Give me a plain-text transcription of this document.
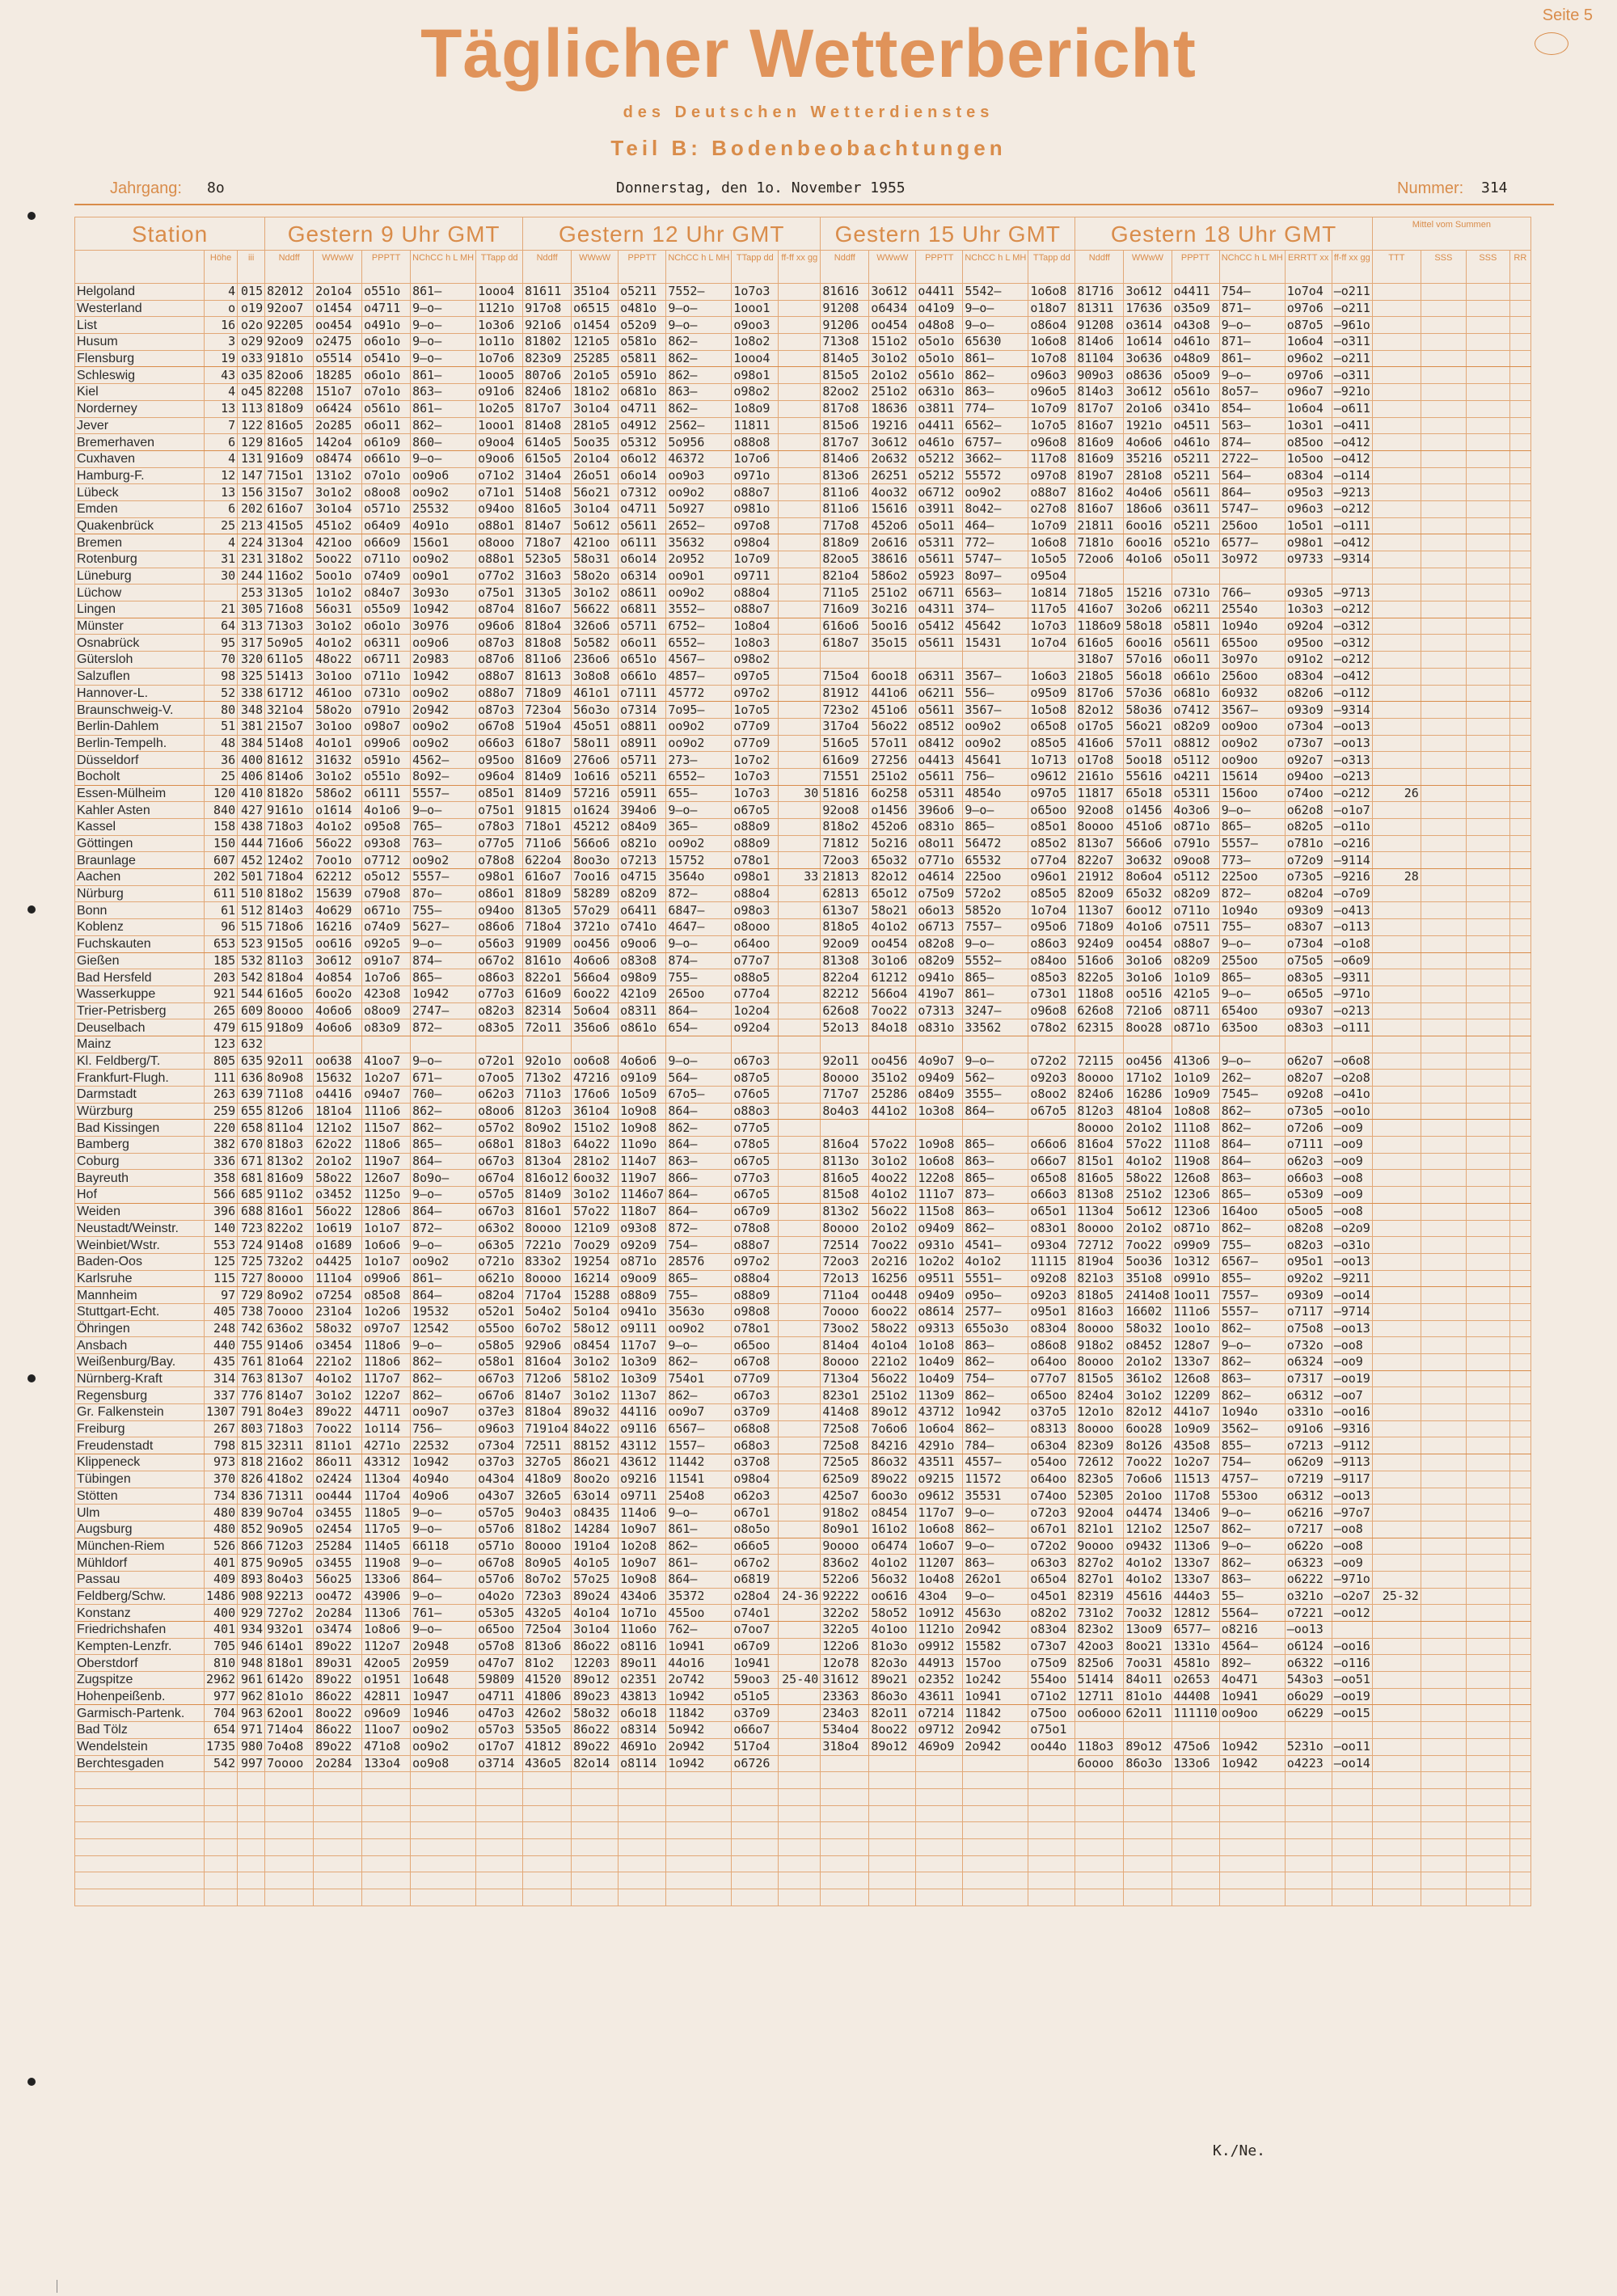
Seite 5
Täglicher Wetterbericht
des Deutschen Wetterdienstes
Teil B: Bodenbeobachtungen
Jahrgang: 8o	Donnerstag, den 1o. November 1955	Nummer: 314
Station			Gestern 9 Uhr GMT					Gestern 12 Uhr GMT						Gestern 15 Uhr GMT					Gestern 18 Uhr GMT						Mittel vom Summen			
	Höhe	iii	Nddff	WWwW	PPPTT	NChCC h L MH	TTapp dd	Nddff	WWwW	PPPTT	NChCC h L MH	TTapp dd	ff-ff xx gg	Nddff	WWwW	PPPTT	NChCC h L MH	TTapp dd	Nddff	WWwW	PPPTT	NChCC h L MH	ERRTT xx	ff-ff xx gg	TTT	SSS	SSS	RR
Helgoland	4	015	82012	2o1o4	o551o	861—	1ooo4	81611	351o4	o5211	7552—	1o7o3		81616	3o612	o4411	5542—	1o6o8	81716	3o612	o4411	754—	1o7o4	—o211				
Westerland	o	o19	92oo7	o1454	o4711	9—o—	1121o	917o8	o6515	o481o	9—o—	1ooo1		91208	o6434	o41o9	9—o—	o18o7	81311	17636	o35o9	871—	o97o6	—o211				
List	16	o2o	92205	oo454	o491o	9—o—	1o3o6	921o6	o1454	o52o9	9—o—	o9oo3		91206	oo454	o48o8	9—o—	o86o4	91208	o3614	o43o8	9—o—	o87o5	—961o				
Husum	3	o29	92oo9	o2475	o6o1o	9—o—	1o11o	81802	121o5	o581o	862—	1o8o2		713o8	151o2	o5o1o	65630	1o6o8	814o6	1o614	o461o	871—	1o6o4	—o311				
Flensburg	19	o33	9181o	o5514	o541o	9—o—	1o7o6	823o9	25285	o5811	862—	1ooo4		814o5	3o1o2	o5o1o	861—	1o7o8	81104	3o636	o48o9	861—	o96o2	—o211				
Schleswig	43	o35	82oo6	18285	o6o1o	861—	1ooo5	807o6	2o1o5	o591o	862—	o98o1		815o5	2o1o2	o561o	862—	o96o3	909o3	o8636	o5oo9	9—o—	o97o6	—o311				
Kiel	4	o45	82208	151o7	o7o1o	863—	o91o6	824o6	181o2	o681o	863—	o98o2		82oo2	251o2	o631o	863—	o96o5	814o3	3o612	o561o	8o57—	o96o7	—921o				
Norderney	13	113	818o9	o6424	o561o	861—	1o2o5	817o7	3o1o4	o4711	862—	1o8o9		817o8	18636	o3811	774—	1o7o9	817o7	2o1o6	o341o	854—	1o6o4	—o611				
Jever	7	122	816o5	2o285	o6o11	862—	1ooo1	814o8	281o5	o4912	2562—	11811		815o6	19216	o4411	6562—	1o7o5	816o7	1921o	o4511	563—	1o3o1	—o411				
Bremerhaven	6	129	816o5	142o4	o61o9	860—	o9oo4	614o5	5oo35	o5312	5o956	o88o8		817o7	3o612	o461o	6757—	o96o8	816o9	4o6o6	o461o	874—	o85oo	—o412				
Cuxhaven	4	131	916o9	o8474	o661o	9—o—	o9oo6	615o5	2o1o4	o6o12	46372	1o7o6		814o6	2o632	o5212	3662—	117o8	816o9	35216	o5211	2722—	1o5oo	—o412				
Hamburg-F.	12	147	715o1	131o2	o7o1o	oo9o6	o71o2	314o4	26o51	o6o14	oo9o3	o971o		813o6	26251	o5212	55572	o97o8	819o7	281o8	o5211	564—	o83o4	—o114				
Lübeck	13	156	315o7	3o1o2	o8oo8	oo9o2	o71o1	514o8	56o21	o7312	oo9o2	o88o7		811o6	4oo32	o6712	oo9o2	o88o7	816o2	4o4o6	o5611	864—	o95o3	—9213				
Emden	6	202	616o7	3o1o4	o571o	25532	o94oo	816o5	3o1o4	o4711	5o927	o981o		811o6	15616	o3911	8o42—	o27o8	816o7	186o6	o3611	5747—	o96o3	—o212				
Quakenbrück	25	213	415o5	451o2	o64o9	4o91o	o88o1	814o7	5o612	o5611	2652—	o97o8		717o8	452o6	o5o11	464—	1o7o9	21811	6oo16	o5211	256oo	1o5o1	—o111				
Bremen	4	224	313o4	421oo	o66o9	156o1	o8ooo	718o7	421oo	o6111	35632	o98o4		818o9	2o616	o5311	772—	1o6o8	7181o	6oo16	o521o	6577—	o98o1	—o412				
Rotenburg	31	231	318o2	5oo22	o711o	oo9o2	o88o1	523o5	58o31	o6o14	2o952	1o7o9		82oo5	38616	o5611	5747—	1o5o5	72oo6	4o1o6	o5o11	3o972	o9733	—9314				
Lüneburg	30	244	116o2	5oo1o	o74o9	oo9o1	o77o2	316o3	58o2o	o6314	oo9o1	o9711		821o4	586o2	o5923	8o97—	o95o4										
Lüchow		253	313o5	1o1o2	o84o7	3o93o	o75o1	313o5	3o1o2	o8611	oo9o2	o88o4		711o5	251o2	o6711	6563—	1o814	718o5	15216	o731o	766—	o93o5	—9713				
Lingen	21	305	716o8	56o31	o55o9	1o942	o87o4	816o7	56622	o6811	3552—	o88o7		716o9	3o216	o4311	374—	117o5	416o7	3o2o6	o6211	2554o	1o3o3	—o212				
Münster	64	313	713o3	3o1o2	o6o1o	3o976	o96o6	818o4	326o6	o5711	6752—	1o8o4		616o6	5oo16	o5412	45642	1o7o3	1186o9	58o18	o5811	1o94o	o92o4	—o312				
Osnabrück	95	317	5o9o5	4o1o2	o6311	oo9o6	o87o3	818o8	5o582	o6o11	6552—	1o8o3		618o7	35o15	o5611	15431	1o7o4	616o5	6oo16	o5611	655oo	o95oo	—o312				
Gütersloh	70	320	611o5	48o22	o6711	2o983	o87o6	811o6	236o6	o651o	4567—	o98o2							318o7	57o16	o6o11	3o97o	o91o2	—o212				
Salzuflen	98	325	51413	3o1oo	o711o	1o942	o88o7	81613	3o8o8	o661o	4857—	o97o5		715o4	6oo18	o6311	3567—	1o6o3	218o5	56o18	o661o	256oo	o83o4	—o412				
Hannover-L.	52	338	61712	461oo	o731o	oo9o2	o88o7	718o9	461o1	o7111	45772	o97o2		81912	441o6	o6211	556—	o95o9	817o6	57o36	o681o	6o932	o82o6	—o112				
Braunschweig-V.	80	348	321o4	58o2o	o791o	2o942	o87o3	723o4	56o3o	o7314	7o95—	1o7o5		723o2	451o6	o5611	3567—	1o5o8	82o12	58o36	o7412	3567—	o93o9	—9314				
Berlin-Dahlem	51	381	215o7	3o1oo	o98o7	oo9o2	o67o8	519o4	45o51	o8811	oo9o2	o77o9		317o4	56o22	o8512	oo9o2	o65o8	o17o5	56o21	o82o9	oo9oo	o73o4	—oo13				
Berlin-Tempelh.	48	384	514o8	4o1o1	o99o6	oo9o2	o66o3	618o7	58o11	o8911	oo9o2	o77o9		516o5	57o11	o8412	oo9o2	o85o5	416o6	57o11	o8812	oo9o2	o73o7	—oo13				
Düsseldorf	36	400	81612	31632	o591o	4562—	o95oo	816o9	276o6	o5711	273—	1o7o2		616o9	27256	o4413	45641	1o713	o17o8	5oo18	o5112	oo9oo	o92o7	—o313				
Bocholt	25	406	814o6	3o1o2	o551o	8o92—	o96o4	814o9	1o616	o5211	6552—	1o7o3		71551	251o2	o5611	756—	o9612	2161o	55616	o4211	15614	o94oo	—o213				
Essen-Mülheim	120	410	8182o	586o2	o6111	5557—	o85o1	814o9	57216	o5911	655—	1o7o3	30	51816	6o258	o5311	4854o	o97o5	11817	65o18	o5311	156oo	o74oo	—o212	26			
Kahler Asten	840	427	9161o	o1614	4o1o6	9—o—	o75o1	91815	o1624	394o6	9—o—	o67o5		92oo8	o1456	396o6	9—o—	o65oo	92oo8	o1456	4o3o6	9—o—	o62o8	—o1o7				
Kassel	158	438	718o3	4o1o2	o95o8	765—	o78o3	718o1	45212	o84o9	365—	o88o9		818o2	452o6	o831o	865—	o85o1	8oooo	451o6	o871o	865—	o82o5	—o11o				
Göttingen	150	444	716o6	56o22	o93o8	763—	o77o5	711o6	566o6	o821o	oo9o2	o88o9		71812	5o216	o8o11	56472	o85o2	813o7	566o6	o791o	5557—	o781o	—o216				
Braunlage	607	452	124o2	7oo1o	o7712	oo9o2	o78o8	622o4	8oo3o	o7213	15752	o78o1		72oo3	65o32	o771o	65532	o77o4	822o7	3o632	o9oo8	773—	o72o9	—9114				
Aachen	202	501	718o4	62212	o5o12	5557—	o98o1	616o7	7oo16	o4715	3564o	o98o1	33	21813	82o12	o4614	225oo	o96o1	21912	8o6o4	o5112	225oo	o73o5	—9216	28			
Nürburg	611	510	818o2	15639	o79o8	87o—	o86o1	818o9	58289	o82o9	872—	o88o4		62813	65o12	o75o9	572o2	o85o5	82oo9	65o32	o82o9	872—	o82o4	—o7o9				
Bonn	61	512	814o3	4o629	o671o	755—	o94oo	813o5	57o29	o6411	6847—	o98o3		613o7	58o21	o6o13	5852o	1o7o4	113o7	6oo12	o711o	1o94o	o93o9	—o413				
Koblenz	96	515	718o6	16216	o74o9	5627—	o86o6	718o4	3721o	o741o	4647—	o8ooo		818o5	4o1o2	o6713	7557—	o95o6	718o9	4o1o6	o7511	755—	o83o7	—o113				
Fuchskauten	653	523	915o5	oo616	o92o5	9—o—	o56o3	91909	oo456	o9oo6	9—o—	o64oo		92oo9	oo454	o82o8	9—o—	o86o3	924o9	oo454	o88o7	9—o—	o73o4	—o1o8				
Gießen	185	532	811o3	3o612	o91o7	874—	o67o2	8161o	4o6o6	o83o8	874—	o77o7		813o8	3o1o6	o82o9	5552—	o84oo	516o6	3o1o6	o82o9	255oo	o75o5	—o6o9				
Bad Hersfeld	203	542	818o4	4o854	1o7o6	865—	o86o3	822o1	566o4	o98o9	755—	o88o5		822o4	61212	o941o	865—	o85o3	822o5	3o1o6	1o1o9	865—	o83o5	—9311				
Wasserkuppe	921	544	616o5	6oo2o	423o8	1o942	o77o3	616o9	6oo22	421o9	265oo	o77o4		82212	566o4	419o7	861—	o73o1	118o8	oo516	421o5	9—o—	o65o5	—971o				
Trier-Petrisberg	265	609	8oooo	4o6o6	o8oo9	2747—	o82o3	82314	5o6o4	o8311	864—	1o2o4		626o8	7oo22	o7313	3247—	o96o8	626o8	721o6	o8711	654oo	o93o7	—o213				
Deuselbach	479	615	918o9	4o6o6	o83o9	872—	o83o5	72o11	356o6	o861o	654—	o92o4		52o13	84o18	o831o	33562	o78o2	62315	8oo28	o871o	635oo	o83o3	—o111				
Mainz	123	632																										
Kl. Feldberg/T.	805	635	92o11	oo638	41oo7	9—o—	o72o1	92o1o	oo6o8	4o6o6	9—o—	o67o3		92o11	oo456	4o9o7	9—o—	o72o2	72115	oo456	413o6	9—o—	o62o7	—o6o8				
Frankfurt-Flugh.	111	636	8o9o8	15632	1o2o7	671—	o7oo5	713o2	47216	o91o9	564—	o87o5		8oooo	351o2	o94o9	562—	o92o3	8oooo	171o2	1o1o9	262—	o82o7	—o2o8				
Darmstadt	263	639	711o8	o4416	o94o7	760—	o62o3	711o3	176o6	1o5o9	67o5—	o76o5		717o7	25286	o84o9	3555—	o8oo2	824o6	16286	1o9o9	7545—	o92o8	—o41o				
Würzburg	259	655	812o6	181o4	111o6	862—	o8oo6	812o3	361o4	1o9o8	864—	o88o3		8o4o3	441o2	1o3o8	864—	o67o5	812o3	481o4	1o8o8	862—	o73o5	—oo1o				
Bad Kissingen	220	658	811o4	121o2	115o7	862—	o57o2	8o9o2	151o2	1o9o8	862—	o77o5							8oooo	2o1o2	111o8	862—	o72o6	—oo9				
Bamberg	382	670	818o3	62o22	118o6	865—	o68o1	818o3	64o22	11o9o	864—	o78o5		816o4	57o22	1o9o8	865—	o66o6	816o4	57o22	111o8	864—	o7111	—oo9				
Coburg	336	671	813o2	2o1o2	119o7	864—	o67o3	813o4	281o2	114o7	863—	o67o5		8113o	3o1o2	1o6o8	863—	o66o7	815o1	4o1o2	119o8	864—	o62o3	—oo9				
Bayreuth	358	681	816o9	58o22	126o7	8o9o—	o67o4	816o12	6oo32	119o7	866—	o77o3		816o5	4oo22	122o8	865—	o65o8	816o5	58o22	126o8	863—	o66o3	—oo8				
Hof	566	685	911o2	o3452	1125o	9—o—	o57o5	814o9	3o1o2	1146o7	864—	o67o5		815o8	4o1o2	111o7	873—	o66o3	813o8	251o2	123o6	865—	o53o9	—oo9				
Weiden	396	688	816o1	56o22	128o6	864—	o67o3	816o1	57o22	118o7	864—	o67o9		813o2	56o22	115o8	863—	o65o1	113o4	5o612	123o6	164oo	o5oo5	—oo8				
Neustadt/Weinstr.	140	723	822o2	1o619	1o1o7	872—	o63o2	8oooo	121o9	o93o8	872—	o78o8		8oooo	2o1o2	o94o9	862—	o83o1	8oooo	2o1o2	o871o	862—	o82o8	—o2o9				
Weinbiet/Wstr.	553	724	914o8	o1689	1o6o6	9—o—	o63o5	7221o	7oo29	o92o9	754—	o88o7		72514	7oo22	o931o	4541—	o93o4	72712	7oo22	o99o9	755—	o82o3	—o31o				
Baden-Oos	125	725	732o2	o4425	1o1o7	oo9o2	o721o	833o2	19254	o871o	28576	o97o2		72oo3	2o216	1o2o2	4o1o2	11115	819o4	5oo36	1o312	6567—	o95o1	—oo13				
Karlsruhe	115	727	8oooo	111o4	o99o6	861—	o621o	8oooo	16214	o9oo9	865—	o88o4		72o13	16256	o9511	5551—	o92o8	821o3	351o8	o991o	855—	o92o2	—9211				
Mannheim	97	729	8o9o2	o7254	o85o8	864—	o82o4	717o4	15288	o88o9	755—	o88o9		711o4	oo448	o94o9	o95o—	o92o3	818o5	2414o8	1oo11	7557—	o93o9	—oo14				
Stuttgart-Echt.	405	738	7oooo	231o4	1o2o6	19532	o52o1	5o4o2	5o1o4	o941o	3563o	o98o8		7oooo	6oo22	o8614	2577—	o95o1	816o3	16602	111o6	5557—	o7117	—9714				
Öhringen	248	742	636o2	58o32	o97o7	12542	o55oo	6o7o2	58o12	o9111	oo9o2	o78o1		73oo2	58o22	o9313	655o3o	o83o4	8oooo	58o32	1oo1o	862—	o75o8	—oo13				
Ansbach	440	755	914o6	o3454	118o6	9—o—	o58o5	929o6	o8454	117o7	9—o—	o65oo		814o4	4o1o4	1o1o8	863—	o86o8	918o2	o8452	128o7	9—o—	o732o	—oo8				
Weißenburg/Bay.	435	761	81o64	221o2	118o6	862—	o58o1	816o4	3o1o2	1o3o9	862—	o67o8		8oooo	221o2	1o4o9	862—	o64oo	8oooo	2o1o2	133o7	862—	o6324	—oo9				
Nürnberg-Kraft	314	763	813o7	4o1o2	117o7	862—	o67o3	712o6	581o2	1o3o9	754o1	o77o9		713o4	56o22	1o4o9	754—	o77o7	815o5	361o2	126o8	863—	o7317	—oo19				
Regensburg	337	776	814o7	3o1o2	122o7	862—	o67o6	814o7	3o1o2	113o7	862—	o67o3		823o1	251o2	113o9	862—	o65oo	824o4	3o1o2	12209	862—	o6312	—oo7				
Gr. Falkenstein	1307	791	8o4e3	89o22	44711	oo9o7	o37e3	818o4	89o32	44116	oo9o7	o37o9		414o8	89o12	43712	1o942	o37o5	12o1o	82o12	441o7	1o94o	o331o	—oo16				
Freiburg	267	803	718o3	7oo22	1o114	756—	o96o3	7191o4	84o22	o9116	6567—	o68o8		725o8	7o6o6	1o6o4	862—	o8313	8oooo	6oo28	1o9o9	3562—	o91o6	—9316				
Freudenstadt	798	815	32311	811o1	4271o	22532	o73o4	72511	88152	43112	1557—	o68o3		725o8	84216	4291o	784—	o63o4	823o9	8o126	435o8	855—	o7213	—9112				
Klippeneck	973	818	216o2	86o11	43312	1o942	o37o3	327o5	86o21	43612	11442	o37o8		725o5	86o32	43511	4557—	o54oo	72612	7oo22	1o2o7	754—	o62o9	—9113				
Tübingen	370	826	418o2	o2424	113o4	4o94o	o43o4	418o9	8oo2o	o9216	11541	o98o4		625o9	89o22	o9215	11572	o64oo	823o5	7o6o6	11513	4757—	o7219	—9117				
Stötten	734	836	71311	oo444	117o4	4o9o6	o43o7	326o5	63o14	o9711	254o8	o62o3		425o7	6oo3o	o9612	35531	o74oo	52305	2o1oo	117o8	553oo	o6312	—oo13				
Ulm	480	839	9o7o4	o3455	118o5	9—o—	o57o5	9o4o3	o8435	114o6	9—o—	o67o1		918o2	o8454	117o7	9—o—	o72o3	92oo4	o4474	134o6	9—o—	o6216	—97o7				
Augsburg	480	852	9o9o5	o2454	117o5	9—o—	o57o6	818o2	14284	1o9o7	861—	o8o5o		8o9o1	161o2	1o6o8	862—	o67o1	821o1	121o2	125o7	862—	o7217	—oo8				
München-Riem	526	866	712o3	25284	114o5	66118	o571o	8oooo	191o4	1o2o8	862—	o66o5		9oooo	o6474	1o6o7	9—o—	o72o2	9oooo	o9432	113o6	9—o—	o622o	—oo8				
Mühldorf	401	875	9o9o5	o3455	119o8	9—o—	o67o8	8o9o5	4o1o5	1o9o7	861—	o67o2		836o2	4o1o2	11207	863—	o63o3	827o2	4o1o2	133o7	862—	o6323	—oo9				
Passau	409	893	8o4o3	56o25	133o6	864—	o57o6	8o7o2	57o25	1o9o8	864—	o6819		522o6	56o32	1o4o8	262o1	o65o4	827o1	4o1o2	133o7	863—	o6222	—971o				
Feldberg/Schw.	1486	908	92213	oo472	43906	9—o—	o4o2o	723o3	89o24	434o6	35372	o28o4	24-36	92222	oo616	43o4	9—o—	o45o1	82319	45616	444o3	55—	o321o	—o2o7	25-32			
Konstanz	400	929	727o2	2o284	113o6	761—	o53o5	432o5	4o1o4	1o71o	455oo	o74o1		322o2	58o52	1o912	4563o	o82o2	731o2	7oo32	12812	5564—	o7221	—oo12				
Friedrichshafen	401	934	932o1	o3474	1o8o6	9—o—	o65oo	725o4	3o1o4	11o6o	762—	o7oo7		322o5	4o1oo	1121o	2o942	o83o4	823o2	13oo9	6577—	o8216	—oo13					
Kempten-Lenzfr.	705	946	614o1	89o22	112o7	2o948	o57o8	813o6	86o22	o8116	1o941	o67o9		122o6	81o3o	o9912	15582	o73o7	42oo3	8oo21	1331o	4564—	o6124	—oo16				
Oberstdorf	810	948	818o1	89o31	42oo5	2o959	o47o7	81o2	12203	89o11	44o16	1o941		12o78	82o3o	44913	157oo	o75o9	825o6	7oo31	4581o	892—	o6322	—o116				
Zugspitze	2962	961	6142o	89o22	o1951	1o648	59809	41520	89o12	o2351	2o742	59oo3	25-40	31612	89o21	o2352	1o242	554oo	51414	84o11	o2653	4o471	543o3	—oo51				
Hohenpeißenb.	977	962	81o1o	86o22	42811	1o947	o4711	41806	89o23	43813	1o942	o51o5		23363	86o3o	43611	1o941	o71o2	12711	81o1o	44408	1o941	o6o29	—oo19				
Garmisch-Partenk.	704	963	62oo1	8oo22	o96o9	1o946	o47o3	426o2	58o32	o6o18	11842	o37o9		234o3	82o11	o7214	11842	o75oo	oo6ooo	62o11	111110	oo9oo	o6229	—oo15				
Bad Tölz	654	971	714o4	86o22	11oo7	oo9o2	o57o3	535o5	86o22	o8314	5o942	o66o7		534o4	8oo22	o9712	2o942	o75o1										
Wendelstein	1735	980	7o4o8	89o22	471o8	oo9o2	o17o7	41812	89o22	4691o	2o942	517o4		318o4	89o12	469o9	2o942	oo44o	118o3	89o12	475o6	1o942	5231o	—oo11				
Berchtesgaden	542	997	7oooo	2o284	133o4	oo9o8	o3714	436o5	82o14	o8114	1o942	o6726							6oooo	86o3o	133o6	1o942	o4223	—oo14				

K./Ne.
